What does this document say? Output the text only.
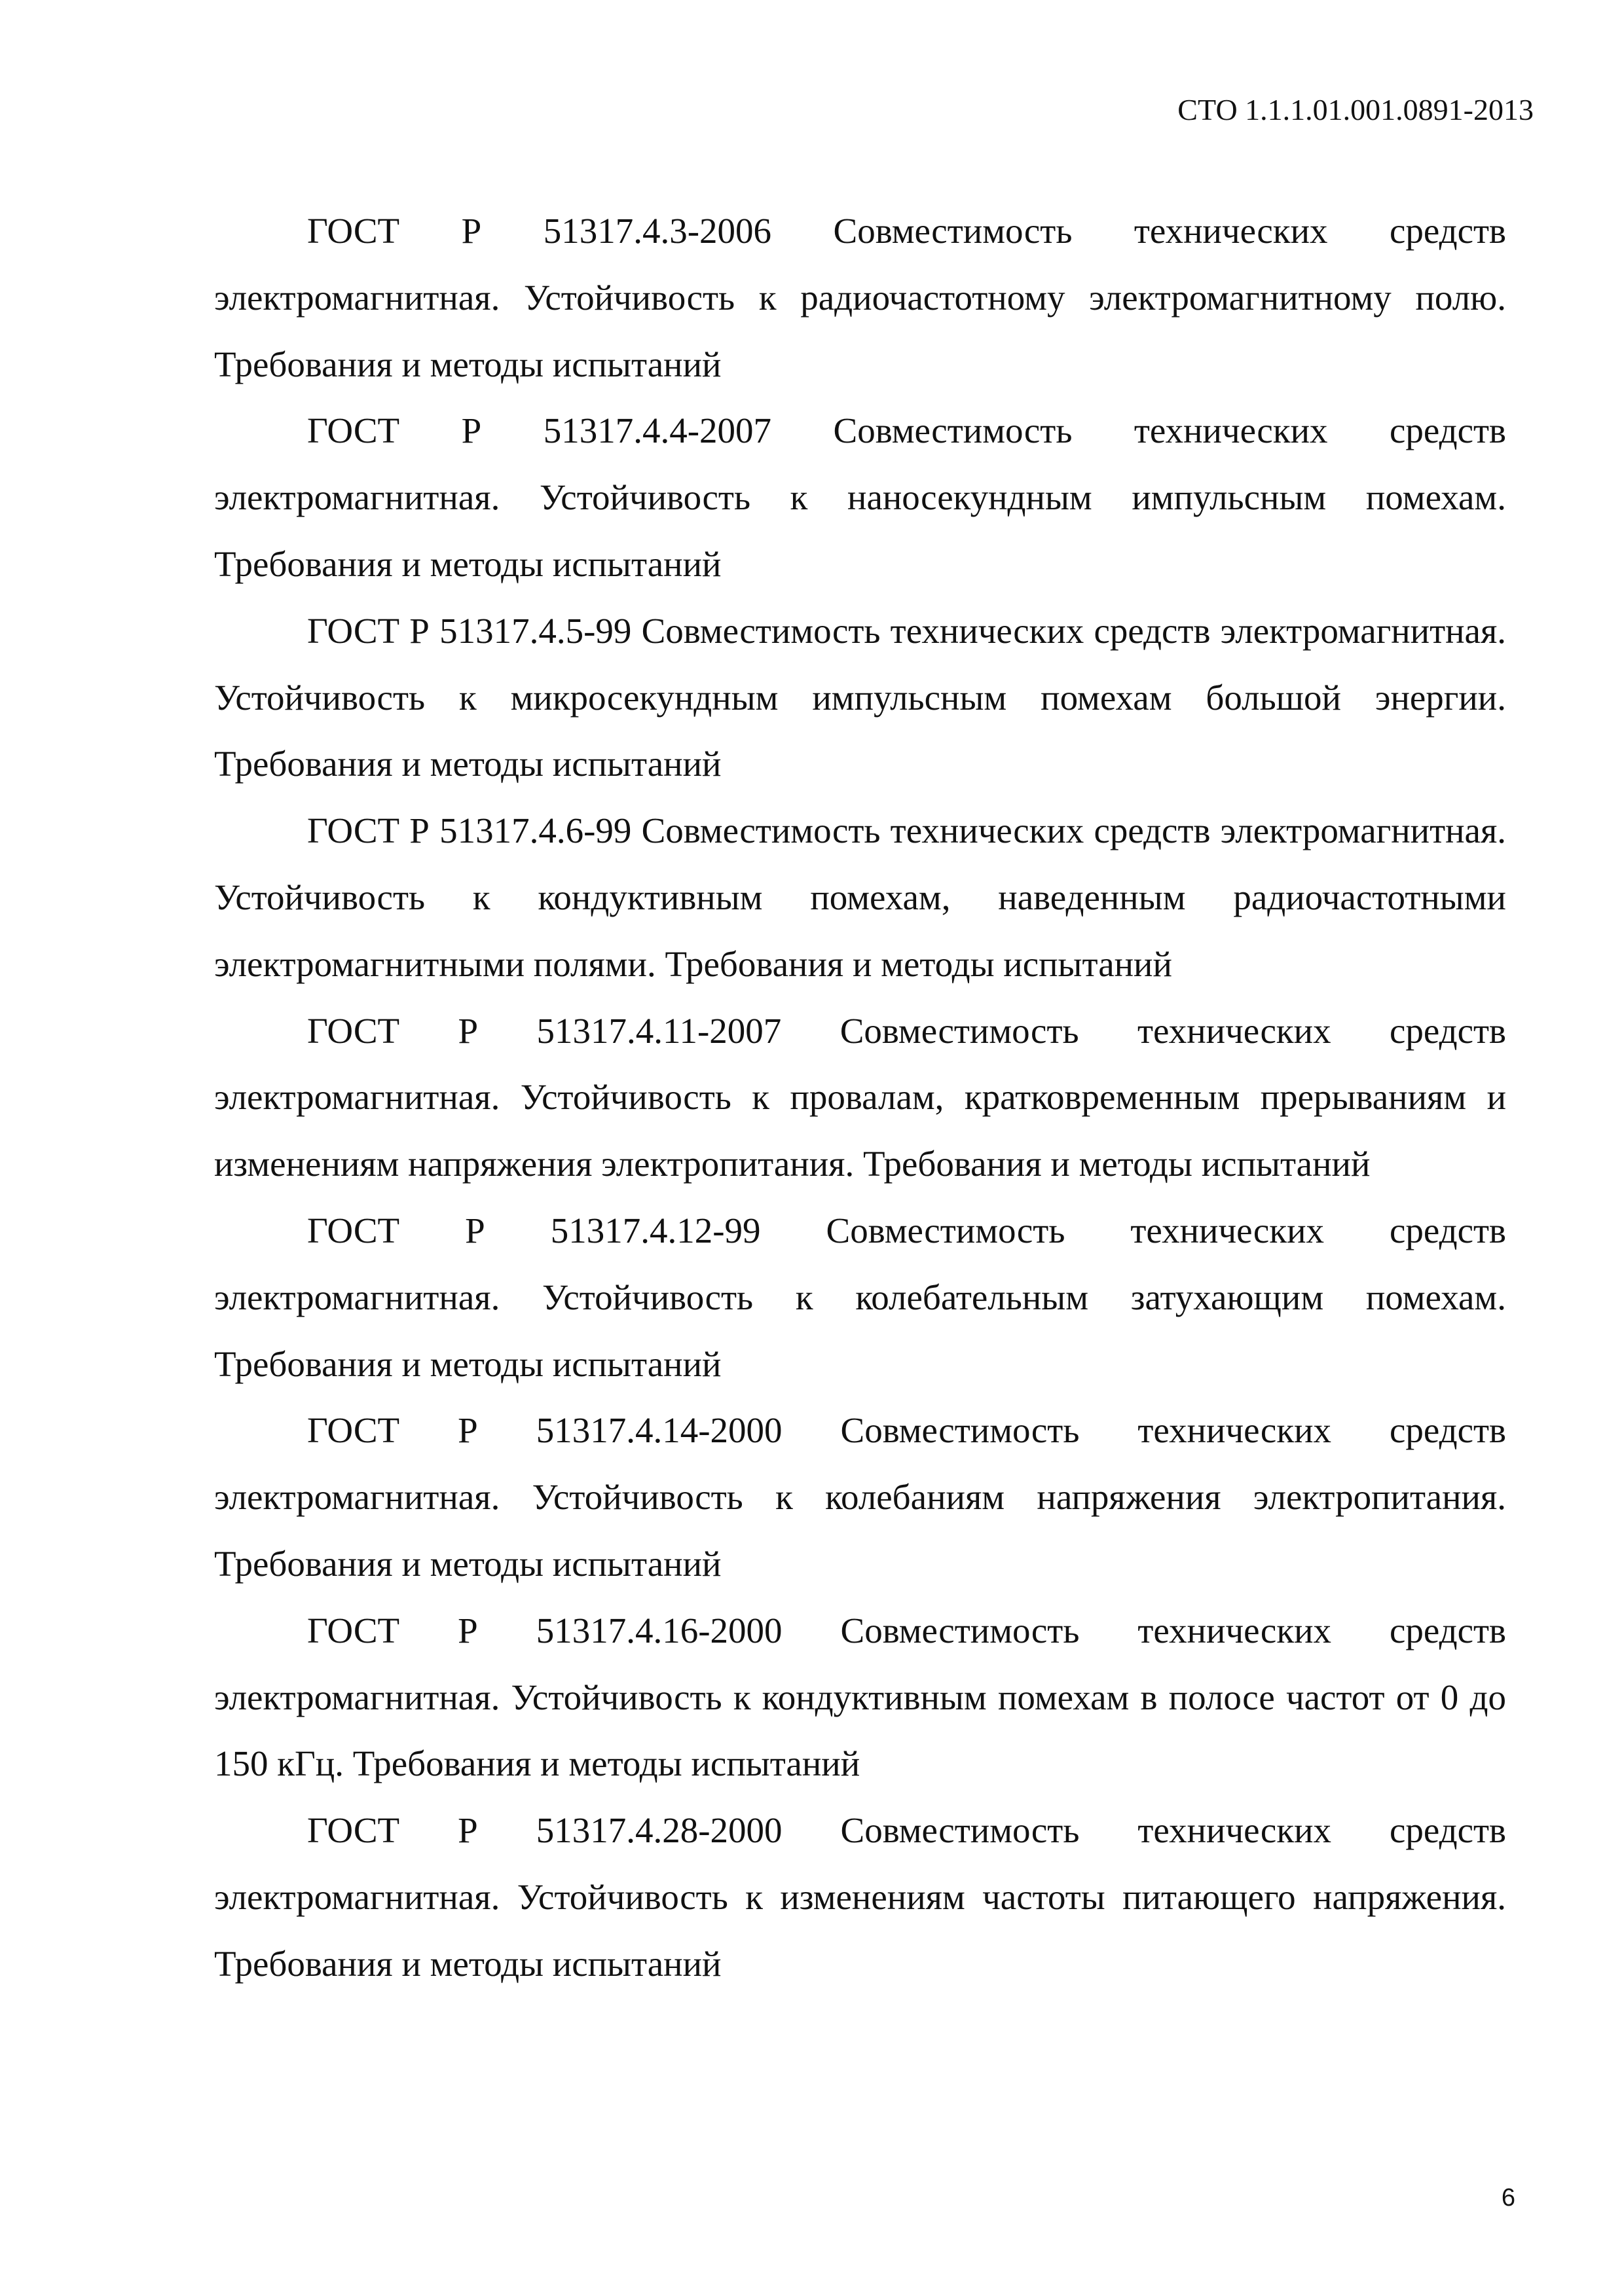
СТО 1.1.1.01.001.0891-2013

ГОСТ Р 51317.4.3-2006 Совместимость технических средств электромагнитная. Устойчивость к радиочастотному электромагнитному полю. Требования и методы испытаний

ГОСТ Р 51317.4.4-2007 Совместимость технических средств электромагнитная. Устойчивость к наносекундным импульсным помехам. Требования и методы испытаний

ГОСТ Р 51317.4.5-99 Совместимость технических средств электромагнитная. Устойчивость к микросекундным импульсным помехам большой энергии. Требования и методы испытаний

ГОСТ Р 51317.4.6-99 Совместимость технических средств электромагнитная. Устойчивость к кондуктивным помехам, наведенным радиочастотными электромагнитными полями. Требования и методы испытаний

ГОСТ Р 51317.4.11-2007 Совместимость технических средств электромагнитная. Устойчивость к провалам, кратковременным прерываниям и изменениям напряжения электропитания. Требования и методы испытаний

ГОСТ Р 51317.4.12-99 Совместимость технических средств электромагнитная. Устойчивость к колебательным затухающим помехам. Требования и методы испытаний

ГОСТ Р 51317.4.14-2000 Совместимость технических средств электромагнитная. Устойчивость к колебаниям напряжения электропитания. Требования и методы испытаний

ГОСТ Р 51317.4.16-2000 Совместимость технических средств электромагнитная. Устойчивость к кондуктивным помехам в полосе частот от 0 до 150 кГц. Требования и методы испытаний

ГОСТ Р 51317.4.28-2000 Совместимость технических средств электромагнитная. Устойчивость к изменениям частоты питающего напряжения. Требования и методы испытаний

6
